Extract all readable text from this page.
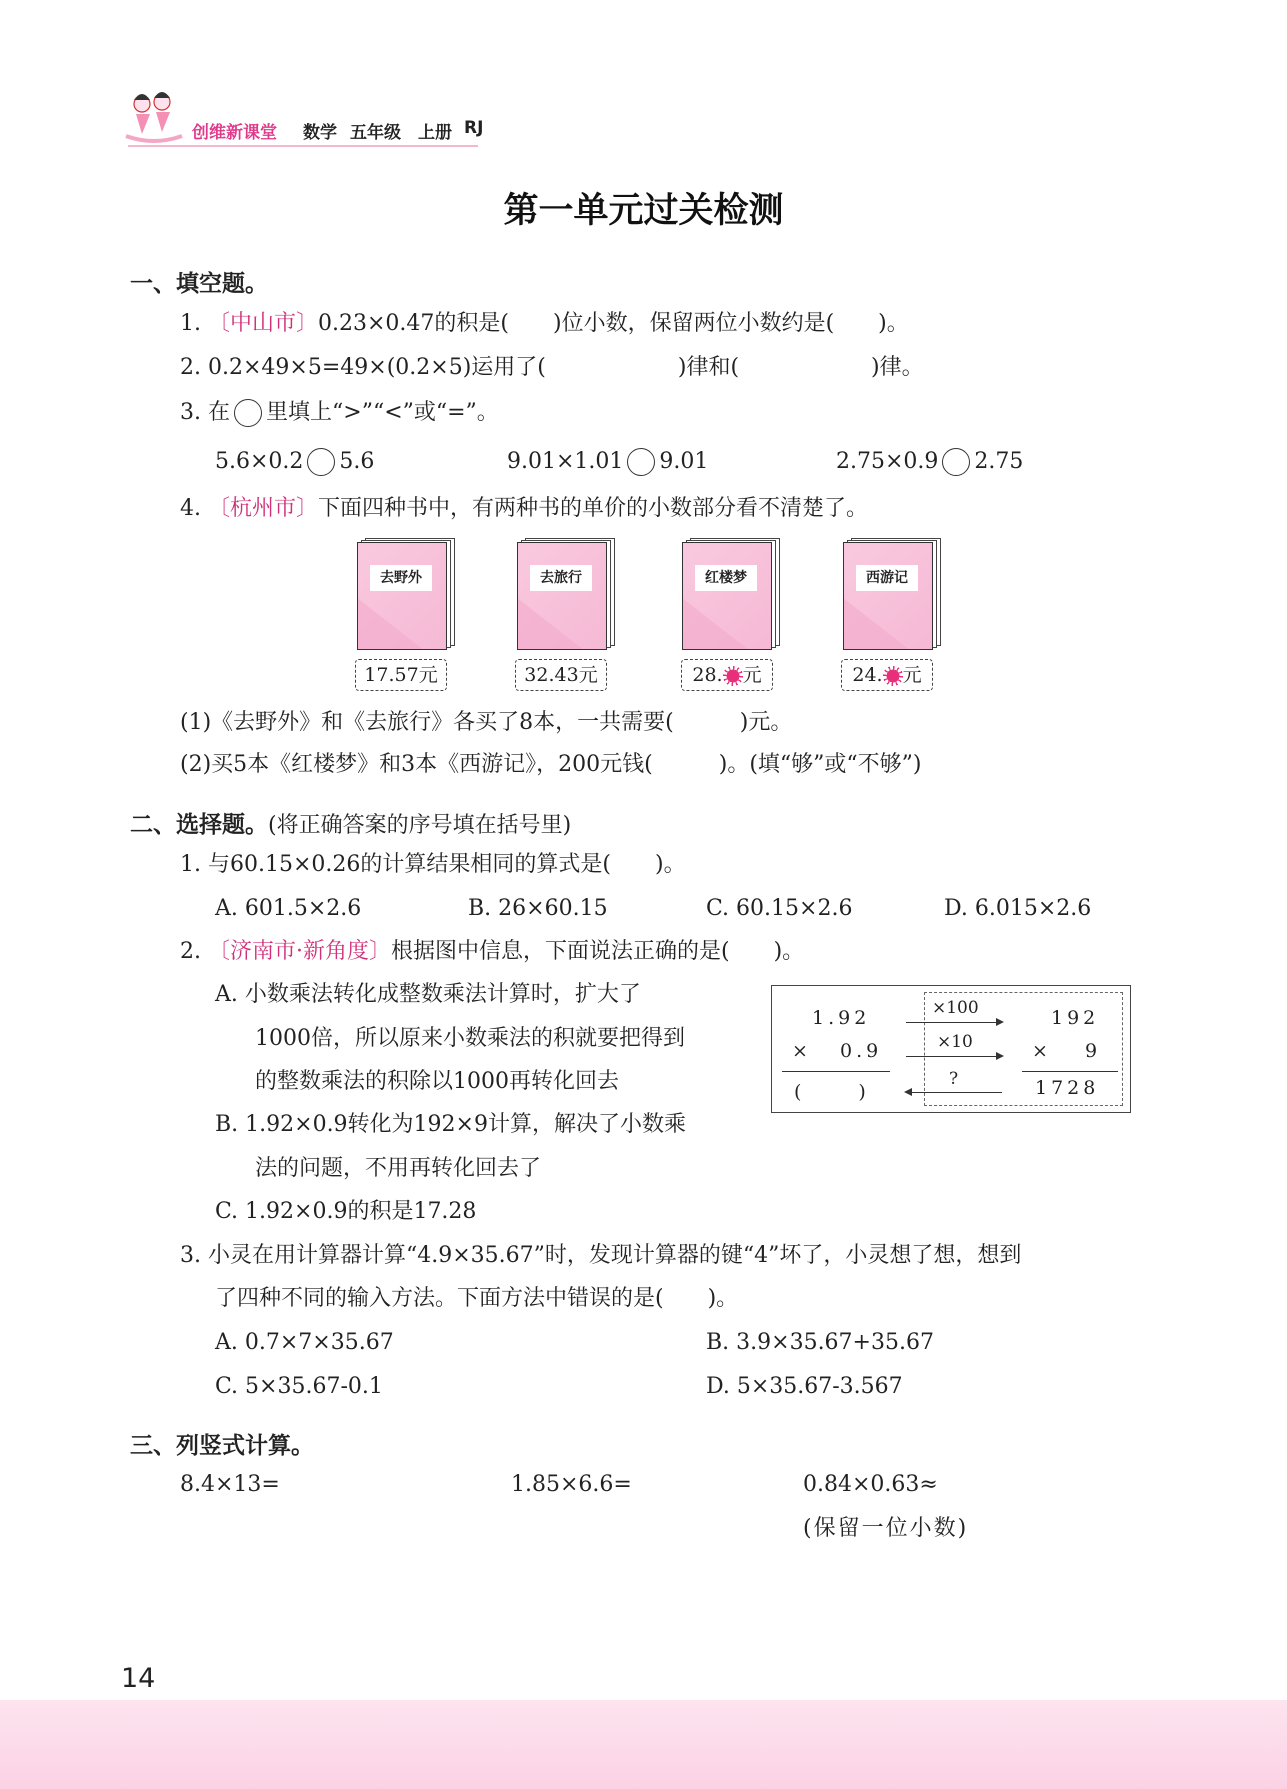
创维新课堂 数学 五年级 上册 RJ
第一单元过关检测
一、填空题。
1. 〔中山市〕0.23×0.47的积是(　　)位小数，保留两位小数约是(　　)。
2. 0.2×49×5=49×(0.2×5)运用了(　　　　　　)律和(　　　　　　)律。
3. 在 里填上“>”“<”或“=”。
5.6×0.2 5.6	9.01×1.01 9.01	2.75×0.9 2.75
4. 〔杭州市〕下面四种书中，有两种书的单价的小数部分看不清楚了。
去野外	去旅行	红楼梦	西游记
17.57元	32.43元	28. 元	24. 元
(1)《去野外》和《去旅行》各买了8本，一共需要(　　　)元。
(2)买5本《红楼梦》和3本《西游记》，200元钱(　　　)。(填“够”或“不够”)
二、选择题。(将正确答案的序号填在括号里)
1. 与60.15×0.26的计算结果相同的算式是(　　)。
A. 601.5×2.6	B. 26×60.15	C. 60.15×2.6	D. 6.015×2.6
2. 〔济南市·新角度〕根据图中信息，下面说法正确的是(　　)。
A. 小数乘法转化成整数乘法计算时，扩大了
1000倍，所以原来小数乘法的积就要把得到
的整数乘法的积除以1000再转化回去
B. 1.92×0.9转化为192×9计算，解决了小数乘
法的问题，不用再转化回去了
C. 1.92×0.9的积是17.28
1.92
× 0.9
(　　　)
×100
×10
?
192
× 9
1728
3. 小灵在用计算器计算“4.9×35.67”时，发现计算器的键“4”坏了，小灵想了想，想到
了四种不同的输入方法。下面方法中错误的是(　　)。
A. 0.7×7×35.67	B. 3.9×35.67+35.67
C. 5×35.67-0.1	D. 5×35.67-3.567
三、列竖式计算。
8.4×13=	1.85×6.6=	0.84×0.63≈
(保留一位小数)
14
